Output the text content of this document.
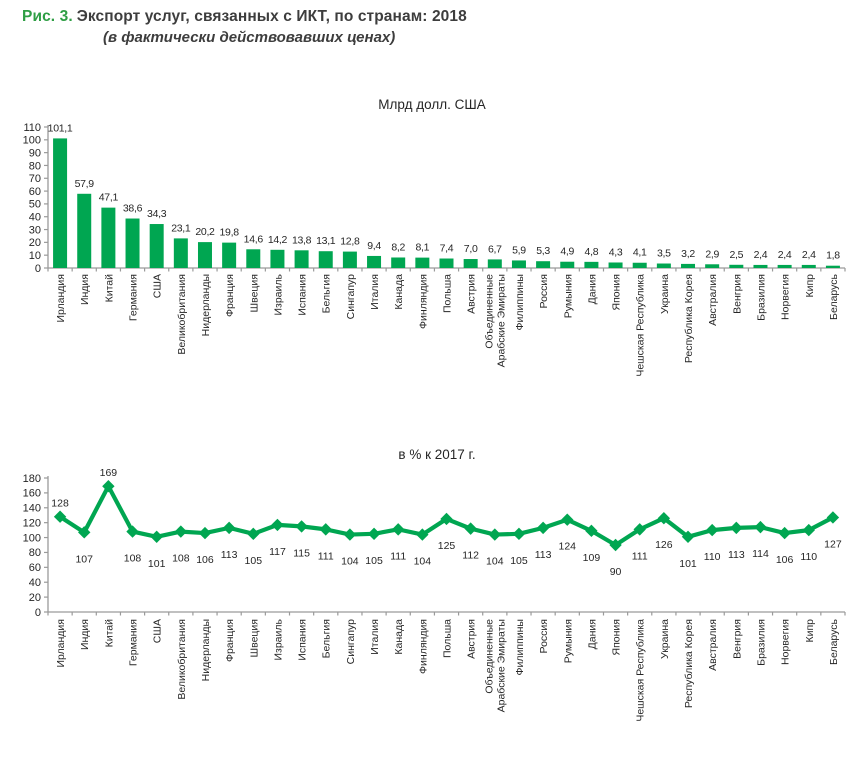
Рис. 3. Экспорт услуг, связанных с ИКТ, по странам: 2018
(в фактически действовавших ценах)
Млрд долл. США
0
10
20
30
40
50
60
70
80
90
100
110 101,1
57,9
47,1
38,6 34,3
23,1 20,2 19,8
14,6 14,2 13,8 13,1 12,8 9,4 8,2 8,1 7,4 7,0 6,7 5,9 5,3 4,9 4,8 4,3 4,1 3,5 3,2 2,9 2,5 2,4 2,4 2,4 1,8
Ирландия Индия Китай Германия США Великобритания Нидерланды Франция Швеция Израиль Испания Бельгия Сингапур Италия Канада Финляндия Польша Австрия Объединенные Арабские Эмираты Филиппины Россия Румыния Дания Япония Чешская Республика Украина Республика Корея Австралия Венгрия Бразилия Норвегия Кипр Беларусь
в % к 2017 г.
0
20
40
60
80
100
120
140
160
180
128
107
169
108 101 108 106 113 105
117 115 111 104 105 111 104
125
112 104 105 113
124
109
90
111
126
101
110 113 114 106 110
127
Ирландия Индия Китай Германия США Великобритания Нидерланды Франция Швеция Израиль Испания Бельгия Сингапур Италия Канада Финляндия Польша Австрия Объединенные Арабские Эмираты Филиппины Россия Румыния Дания Япония Чешская Республика Украина Республика Корея Австралия Венгрия Бразилия Норвегия Кипр Беларусь
